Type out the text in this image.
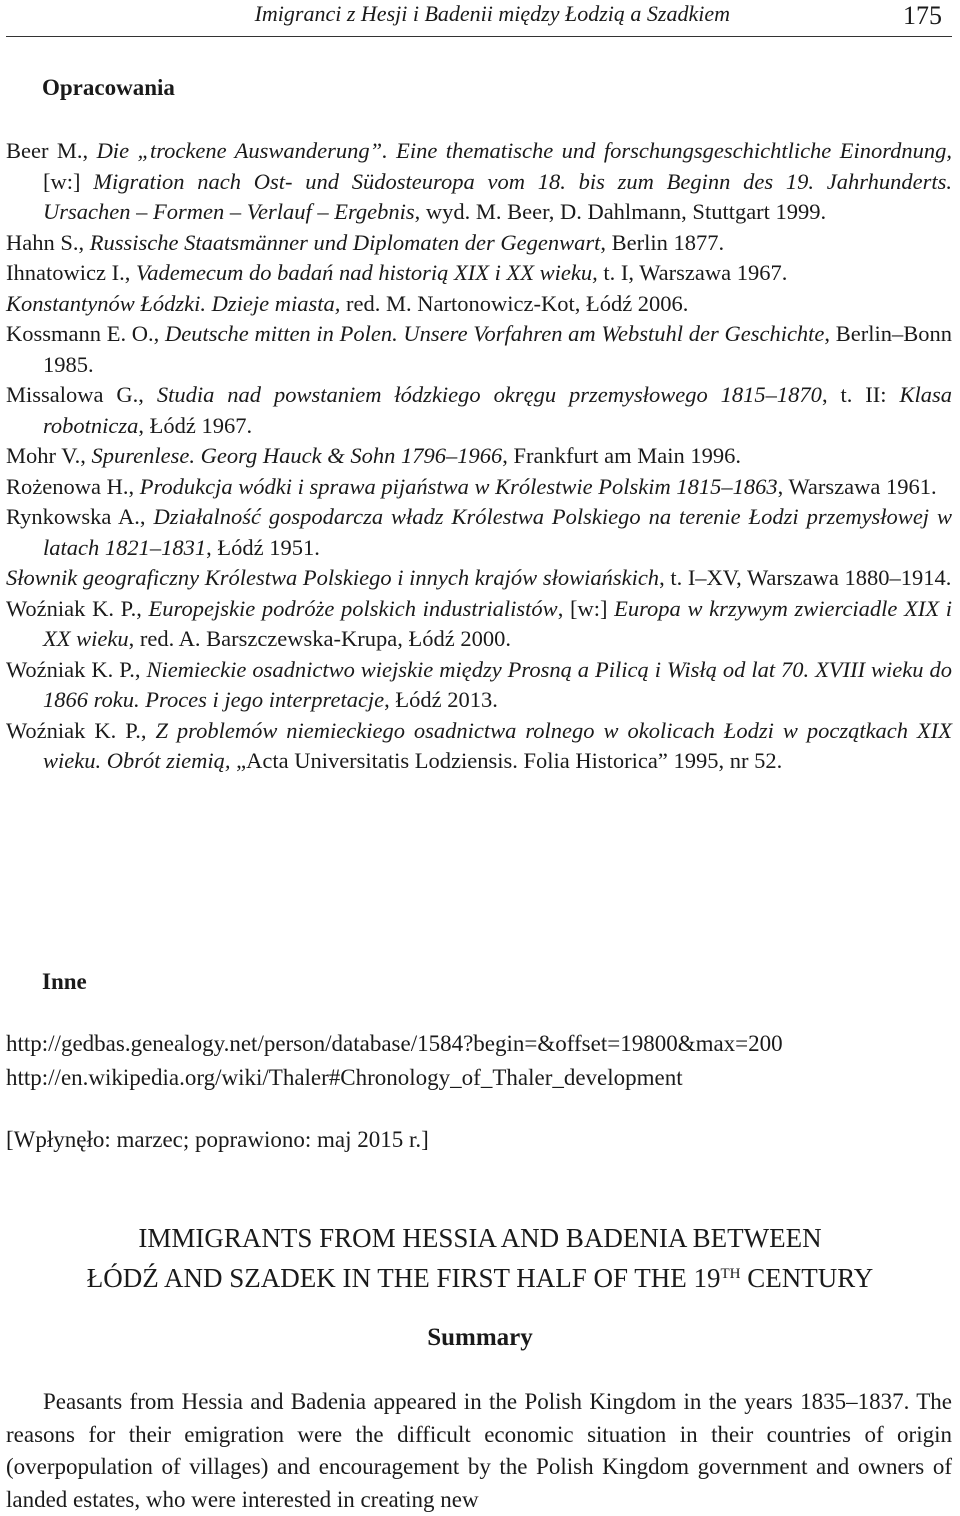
Imigranci z Hesji i Badenii między Łodzią a Szadkiem	175
Opracowania
Beer M., Die „trockene Auswanderung”. Eine thematische und forschungsgeschichtliche Einordnung, [w:] Migration nach Ost- und Südosteuropa vom 18. bis zum Beginn des 19. Jahrhunderts. Ursachen – Formen – Verlauf – Ergebnis, wyd. M. Beer, D. Dahlmann, Stuttgart 1999.
Hahn S., Russische Staatsmänner und Diplomaten der Gegenwart, Berlin 1877.
Ihnatowicz I., Vademecum do badań nad historią XIX i XX wieku, t. I, Warszawa 1967.
Konstantynów Łódzki. Dzieje miasta, red. M. Nartonowicz-Kot, Łódź 2006.
Kossmann E. O., Deutsche mitten in Polen. Unsere Vorfahren am Webstuhl der Geschichte, Berlin–Bonn 1985.
Missalowa G., Studia nad powstaniem łódzkiego okręgu przemysłowego 1815–1870, t. II: Klasa robotnicza, Łódź 1967.
Mohr V., Spurenlese. Georg Hauck & Sohn 1796–1966, Frankfurt am Main 1996.
Rożenowa H., Produkcja wódki i sprawa pijaństwa w Królestwie Polskim 1815–1863, Warszawa 1961.
Rynkowska A., Działalność gospodarcza władz Królestwa Polskiego na terenie Łodzi przemysłowej w latach 1821–1831, Łódź 1951.
Słownik geograficzny Królestwa Polskiego i innych krajów słowiańskich, t. I–XV, Warszawa 1880–1914.
Woźniak K. P., Europejskie podróże polskich industrialistów, [w:] Europa w krzywym zwierciadle XIX i XX wieku, red. A. Barszczewska-Krupa, Łódź 2000.
Woźniak K. P., Niemieckie osadnictwo wiejskie między Prosną a Pilicą i Wisłą od lat 70. XVIII wieku do 1866 roku. Proces i jego interpretacje, Łódź 2013.
Woźniak K. P., Z problemów niemieckiego osadnictwa rolnego w okolicach Łodzi w początkach XIX wieku. Obrót ziemią, „Acta Universitatis Lodziensis. Folia Historica” 1995, nr 52.
Inne
http://gedbas.genealogy.net/person/database/1584?begin=&offset=19800&max=200
http://en.wikipedia.org/wiki/Thaler#Chronology_of_Thaler_development
[Wpłynęło: marzec; poprawiono: maj 2015 r.]
IMMIGRANTS FROM HESSIA AND BADENIA BETWEEN
ŁÓDŹ AND SZADEK IN THE FIRST HALF OF THE 19TH CENTURY
Summary
Peasants from Hessia and Badenia appeared in the Polish Kingdom in the years 1835–1837. The reasons for their emigration were the difficult economic situation in their countries of origin (overpopulation of villages) and encouragement by the Polish Kingdom government and owners of landed estates, who were interested in creating new
